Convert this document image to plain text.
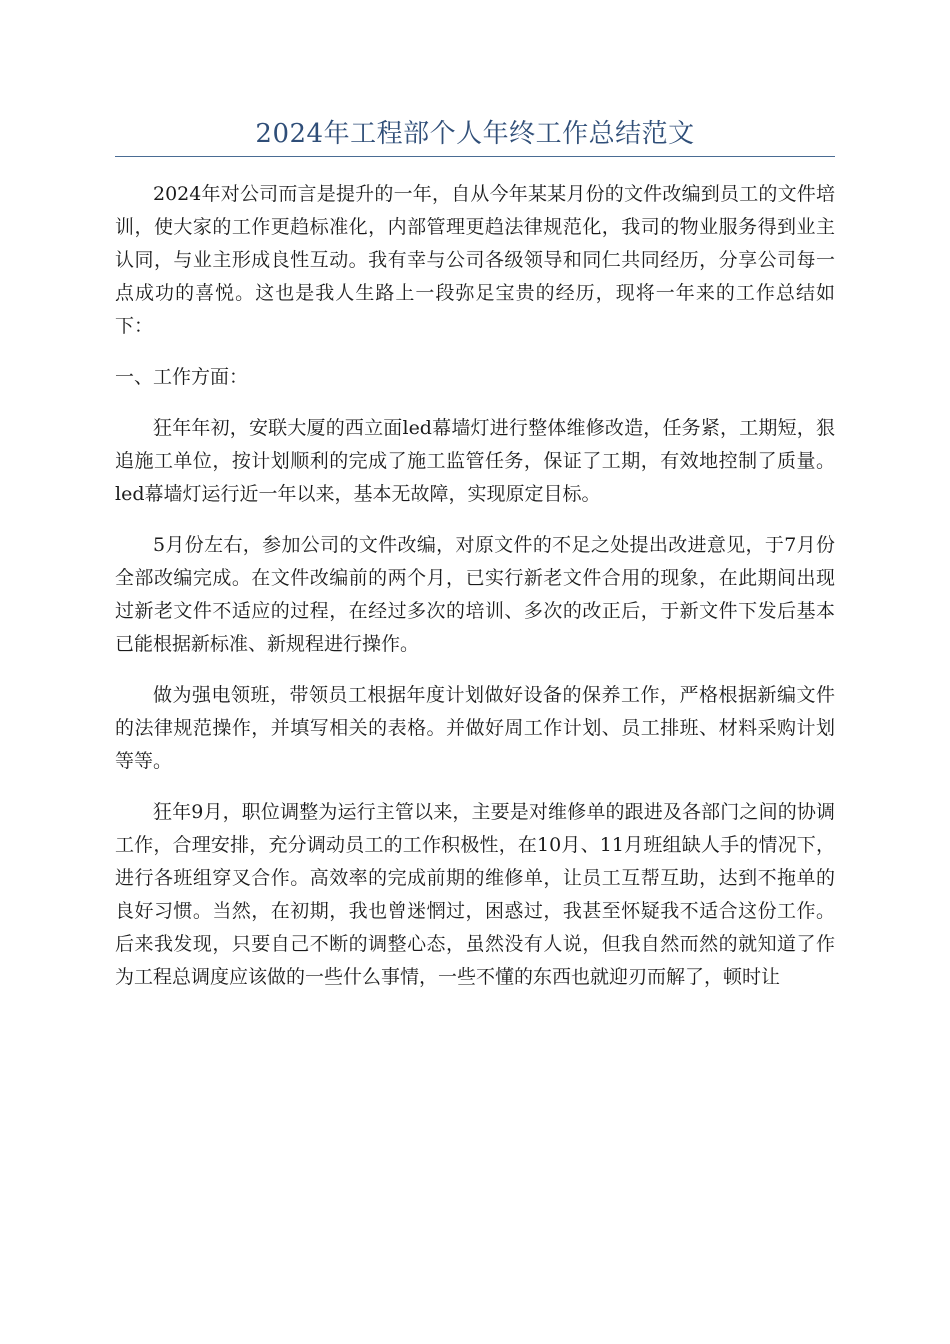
2024年工程部个人年终工作总结范文

2024年对公司而言是提升的一年，自从今年某某月份的文件改编到员工的文件培训，使大家的工作更趋标准化，内部管理更趋法律规范化，我司的物业服务得到业主认同，与业主形成良性互动。我有幸与公司各级领导和同仁共同经历，分享公司每一点成功的喜悦。这也是我人生路上一段弥足宝贵的经历，现将一年来的工作总结如下：

一、工作方面：

狂年年初，安联大厦的西立面led幕墙灯进行整体维修改造，任务紧，工期短，狠追施工单位，按计划顺利的完成了施工监管任务，保证了工期，有效地控制了质量。led幕墙灯运行近一年以来，基本无故障，实现原定目标。

5月份左右，参加公司的文件改编，对原文件的不足之处提出改进意见，于7月份全部改编完成。在文件改编前的两个月，已实行新老文件合用的现象，在此期间出现过新老文件不适应的过程，在经过多次的培训、多次的改正后，于新文件下发后基本已能根据新标准、新规程进行操作。

做为强电领班，带领员工根据年度计划做好设备的保养工作，严格根据新编文件的法律规范操作，并填写相关的表格。并做好周工作计划、员工排班、材料采购计划等等。

狂年9月，职位调整为运行主管以来，主要是对维修单的跟进及各部门之间的协调工作，合理安排，充分调动员工的工作积极性，在10月、11月班组缺人手的情况下，进行各班组穿叉合作。高效率的完成前期的维修单，让员工互帮互助，达到不拖单的良好习惯。当然，在初期，我也曾迷惘过，困惑过，我甚至怀疑我不适合这份工作。后来我发现，只要自己不断的调整心态，虽然没有人说，但我自然而然的就知道了作为工程总调度应该做的一些什么事情，一些不懂的东西也就迎刃而解了，顿时让
